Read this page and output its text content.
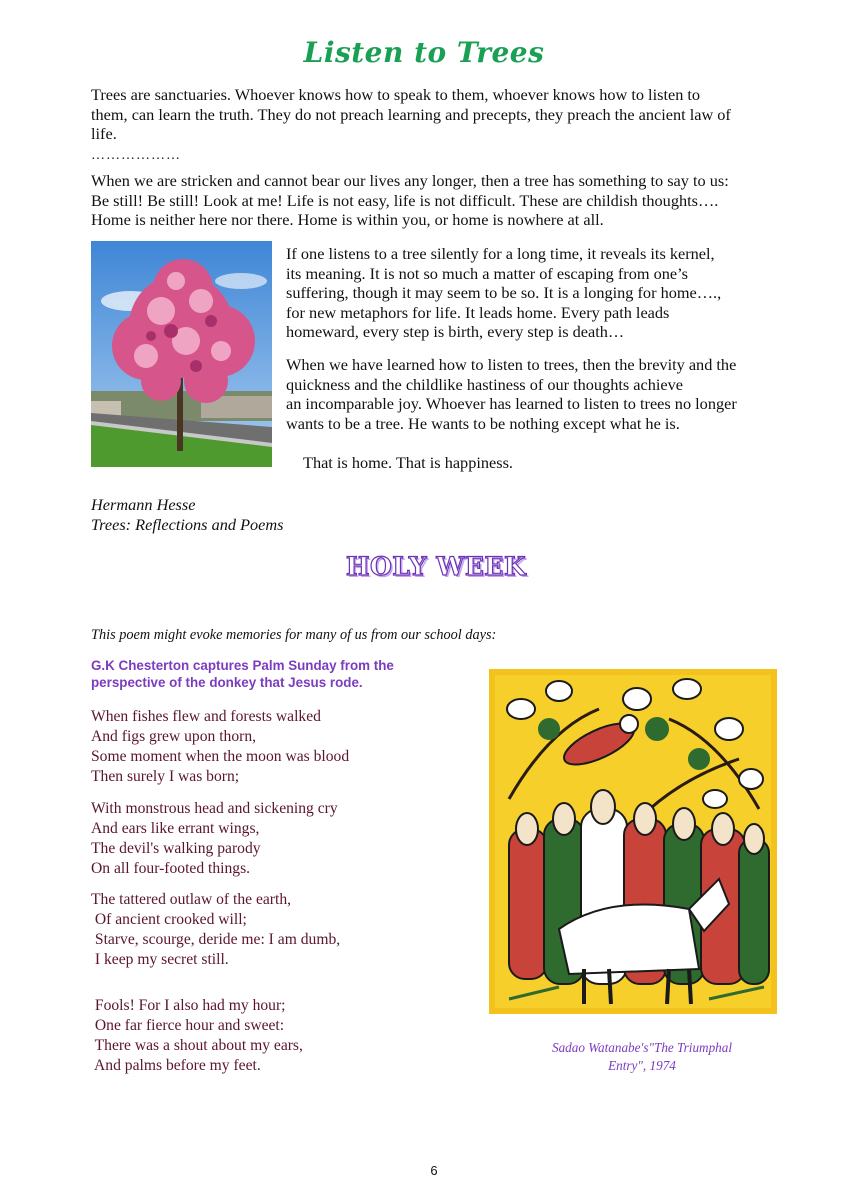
Listen to Trees
Trees are sanctuaries. Whoever knows how to speak to them, whoever knows how to listen to
them, can learn the truth. They do not preach learning and precepts, they preach the ancient law of
life.
………………
When we are stricken and cannot bear our lives any longer, then a tree has something to say to us:
Be still! Be still! Look at me! Life is not easy, life is not difficult. These are childish thoughts….
Home is neither here nor there. Home is within you, or home is nowhere at all.
If one listens to a tree silently for a long time, it reveals its kernel,
its meaning. It is not so much a matter of escaping from one’s
suffering, though it may seem to be so. It is a longing for home….,
for new metaphors for life. It leads home. Every path leads
homeward, every step is birth, every step is death…
When we have learned how to listen to trees, then the brevity and the
quickness and the childlike hastiness of our thoughts achieve
an incomparable joy. Whoever has learned to listen to trees no longer
wants to be a tree. He wants to be nothing except what he is.
That is home. That is happiness.
Hermann Hesse
Trees: Reflections and Poems
HOLY WEEK
This poem might evoke memories for many of us from our school days:
G.K Chesterton captures Palm Sunday from the
perspective of the donkey that Jesus rode.
When fishes flew and forests walked
And figs grew upon thorn,
Some moment when the moon was blood
Then surely I was born;
With monstrous head and sickening cry
And ears like errant wings,
The devil's walking parody
On all four-footed things.
The tattered outlaw of the earth,
Of ancient crooked will;
Starve, scourge, deride me: I am dumb,
I keep my secret still.
Fools! For I also had my hour;
One far fierce hour and sweet:
There was a shout about my ears,
And palms before my feet.
Sadao Watanabe's"The Triumphal
Entry", 1974
6
